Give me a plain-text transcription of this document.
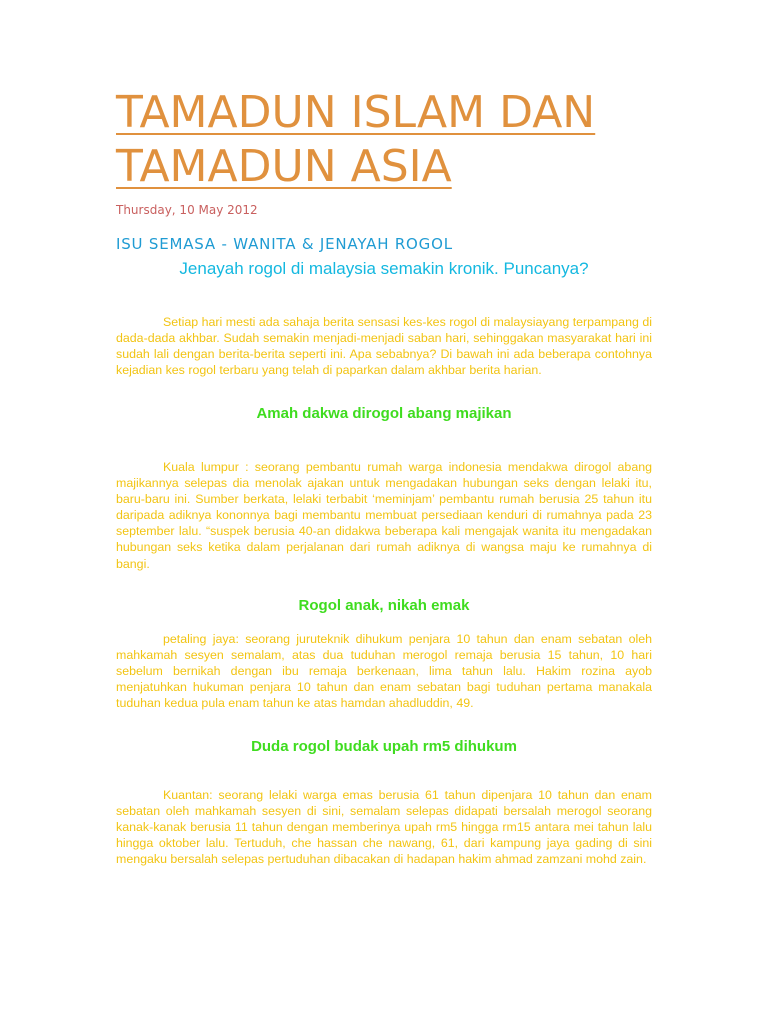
TAMADUN ISLAM DAN TAMADUN ASIA
Thursday, 10 May 2012
ISU SEMASA - WANITA & JENAYAH ROGOL
Jenayah rogol di malaysia semakin kronik. Puncanya?

Setiap hari mesti ada sahaja berita sensasi kes-kes rogol di malaysiayang terpampang di dada-dada akhbar. Sudah semakin menjadi-menjadi saban hari, sehinggakan masyarakat hari ini sudah lali dengan berita-berita seperti ini. Apa sebabnya? Di bawah ini ada beberapa contohnya kejadian kes rogol terbaru yang telah di paparkan dalam akhbar berita harian.

Amah dakwa dirogol abang majikan

Kuala lumpur : seorang pembantu rumah warga indonesia mendakwa dirogol abang majikannya selepas dia menolak ajakan untuk mengadakan hubungan seks dengan lelaki itu, baru-baru ini. Sumber berkata, lelaki terbabit ‘meminjam’ pembantu rumah berusia 25 tahun itu daripada adiknya kononnya bagi membantu membuat persediaan kenduri di rumahnya pada 23 september lalu. “suspek berusia 40-an didakwa beberapa kali mengajak wanita itu mengadakan hubungan seks ketika dalam perjalanan dari rumah adiknya di wangsa maju ke rumahnya di bangi.

Rogol anak, nikah emak

petaling jaya: seorang juruteknik dihukum penjara 10 tahun dan enam sebatan oleh mahkamah sesyen semalam, atas dua tuduhan merogol remaja berusia 15 tahun, 10 hari sebelum bernikah dengan ibu remaja berkenaan, lima tahun lalu. Hakim rozina ayob menjatuhkan hukuman penjara 10 tahun dan enam sebatan bagi tuduhan pertama manakala tuduhan kedua pula enam tahun ke atas hamdan ahadluddin, 49.

Duda rogol budak upah rm5 dihukum

Kuantan: seorang lelaki warga emas berusia 61 tahun dipenjara 10 tahun dan enam sebatan oleh mahkamah sesyen di sini, semalam selepas didapati bersalah merogol seorang kanak-kanak berusia 11 tahun dengan memberinya upah rm5 hingga rm15 antara mei tahun lalu hingga oktober lalu. Tertuduh, che hassan che nawang, 61, dari kampung jaya gading di sini mengaku bersalah selepas pertuduhan dibacakan di hadapan hakim ahmad zamzani mohd zain.
